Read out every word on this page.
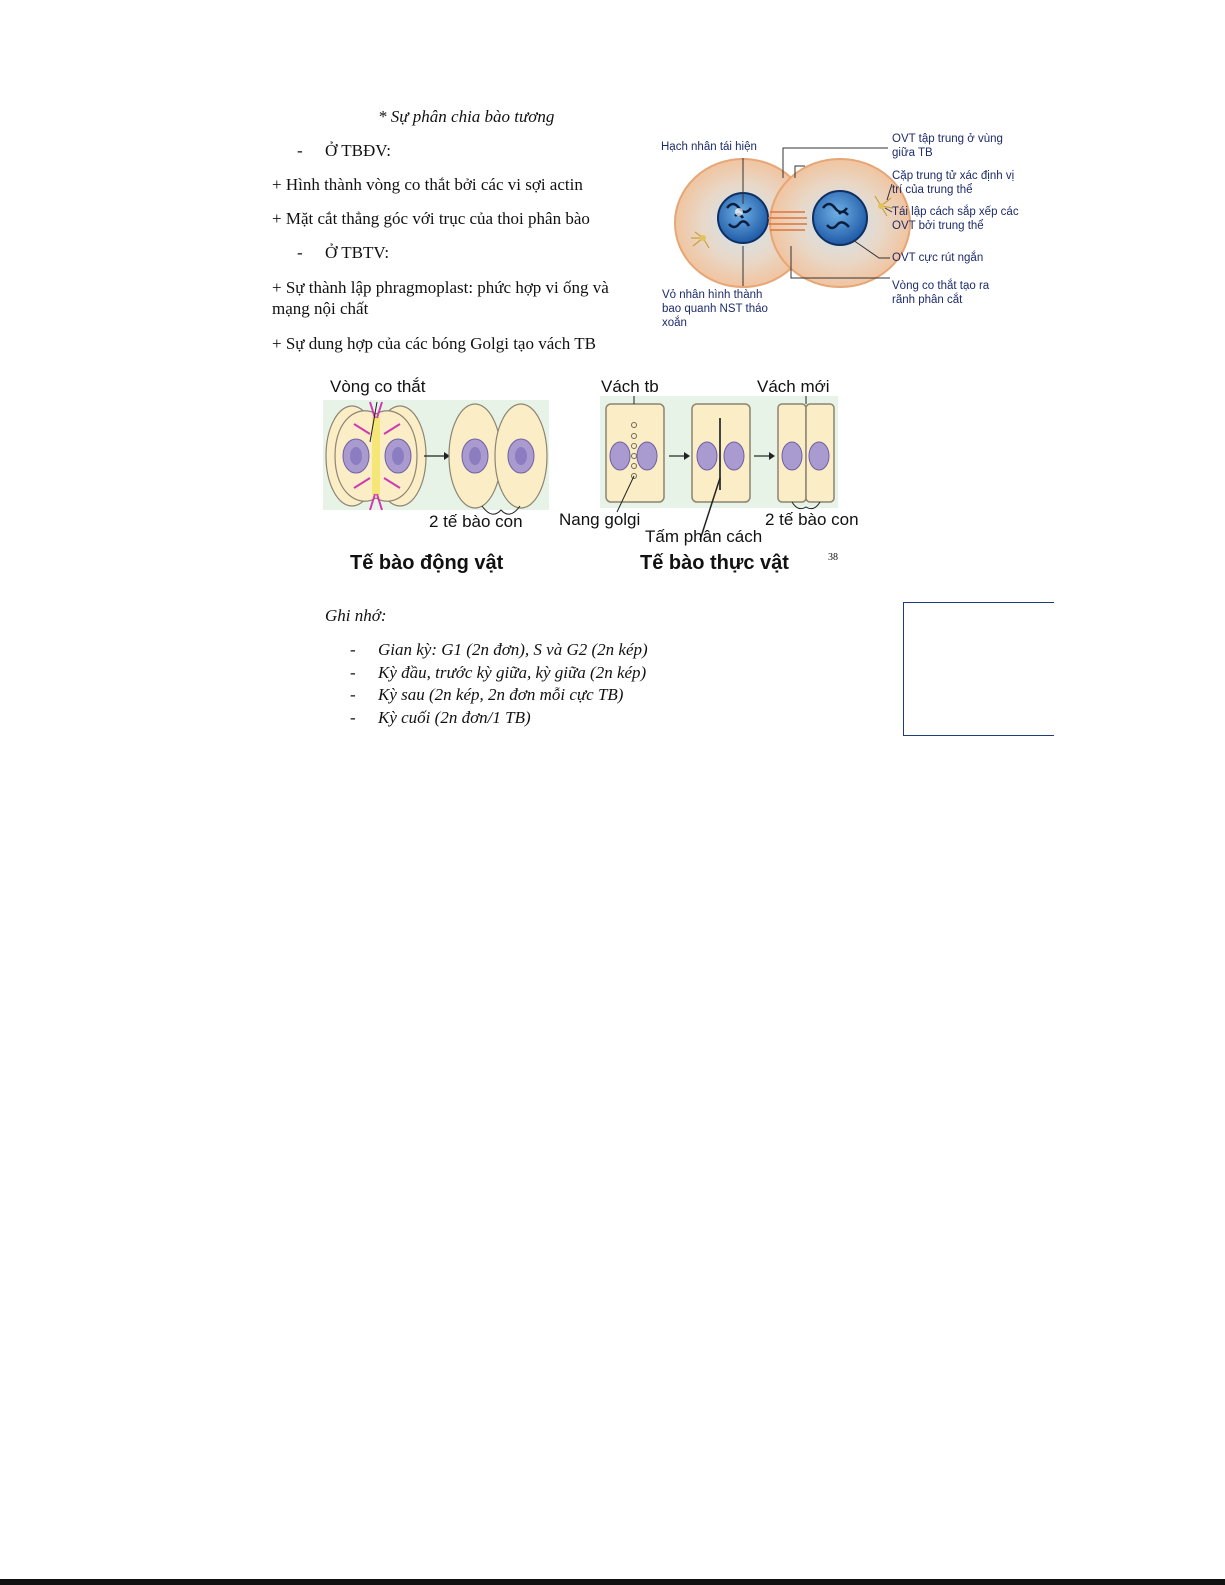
* Sự phân chia bào tương
- Ở TBĐV:
+ Hình thành vòng co thắt bởi các vi sợi actin
+ Mặt cắt thẳng góc với trục của thoi phân bào
- Ở TBTV:
+ Sự thành lập phragmoplast: phức hợp vi ống và
mạng nội chất
+ Sự dung hợp của các bóng Golgi tạo vách TB
Hạch nhân tái hiện
OVT tập trung ở vùng giữa TB
Cặp trung tử xác định vị trí của trung thể
Tái lập cách sắp xếp các OVT bởi trung thể
OVT cực rút ngắn
Vòng co thắt tạo ra rãnh phân cắt
Vỏ nhân hình thành bao quanh NST tháo xoắn
Vòng co thắt
2 tế bào con
Vách tb	Vách mới
Nang golgi
Tấm phân cách
2 tế bào con
Tế bào động vật	Tế bào thực vật	38
Ghi nhớ:
- Gian kỳ: G1 (2n đơn), S và G2 (2n kép)
- Kỳ đầu, trước kỳ giữa, kỳ giữa (2n kép)
- Kỳ sau (2n kép, 2n đơn mỗi cực TB)
- Kỳ cuối (2n đơn/1 TB)
